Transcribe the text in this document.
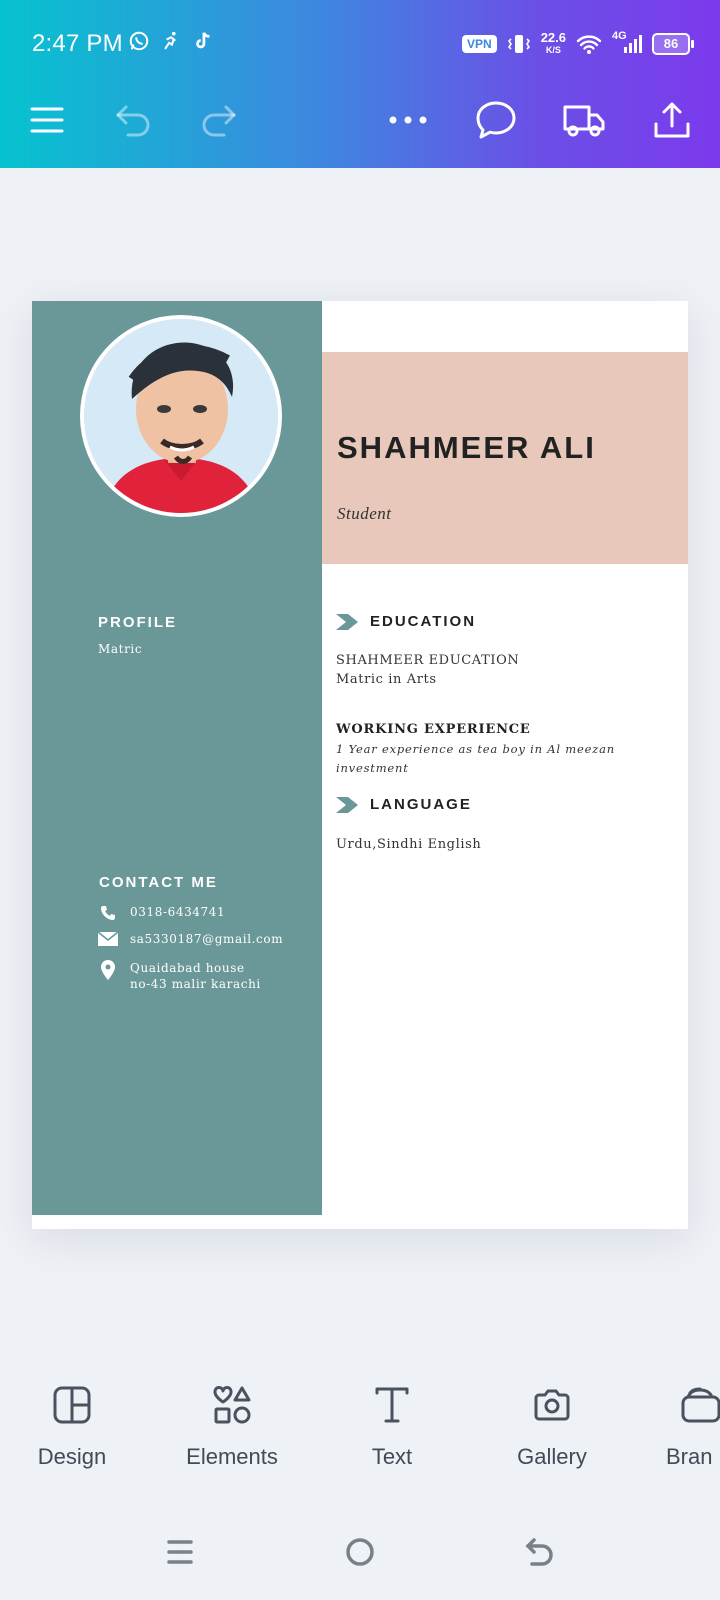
2:47 PM	VPN	22.6
K/S
4G	86
PROFILE
Matric
CONTACT ME
0318-6434741
sa5330187@gmail.com
Quaidabad house
no-43 malir karachi
SHAHMEER ALI
Student
EDUCATION
SHAHMEER EDUCATION
Matric in Arts
WORKING EXPERIENCE
1 Year experience as tea boy in Al meezan
investment
LANGUAGE
Urdu,Sindhi English
Design	Elements	Text	Gallery	Bran
